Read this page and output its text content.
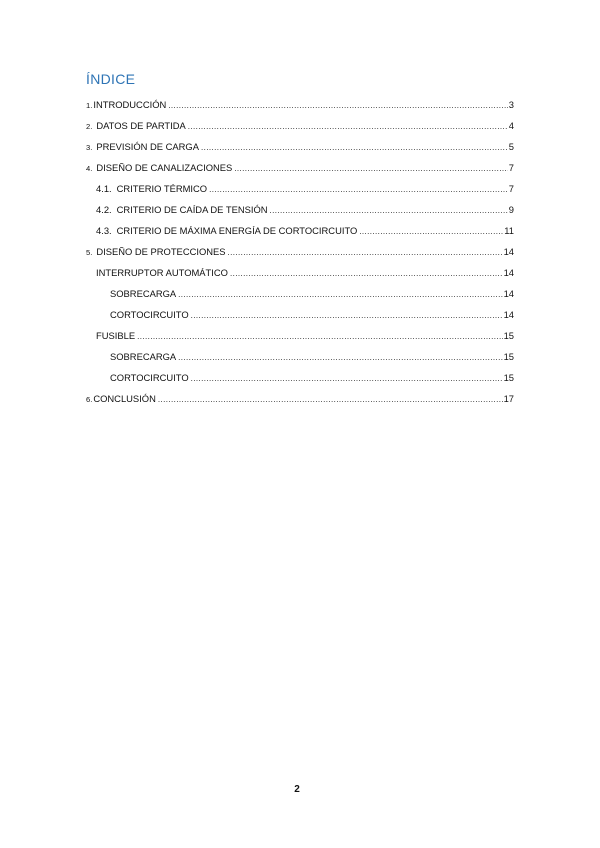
ÍNDICE
1. INTRODUCCIÓN .....	3
2. DATOS DE PARTIDA .....	4
3. PREVISIÓN DE CARGA .....	5
4. DISEÑO DE CANALIZACIONES .....	7
4.1. CRITERIO TÉRMICO .....	7
4.2. CRITERIO DE CAÍDA DE TENSIÓN .....	9
4.3. CRITERIO DE MÁXIMA ENERGÍA DE CORTOCIRCUITO .....	11
5. DISEÑO DE PROTECCIONES .....	14
INTERRUPTOR AUTOMÁTICO .....	14
SOBRECARGA .....	14
CORTOCIRCUITO .....	14
FUSIBLE .....	15
SOBRECARGA .....	15
CORTOCIRCUITO .....	15
6. CONCLUSIÓN .....	17
2
